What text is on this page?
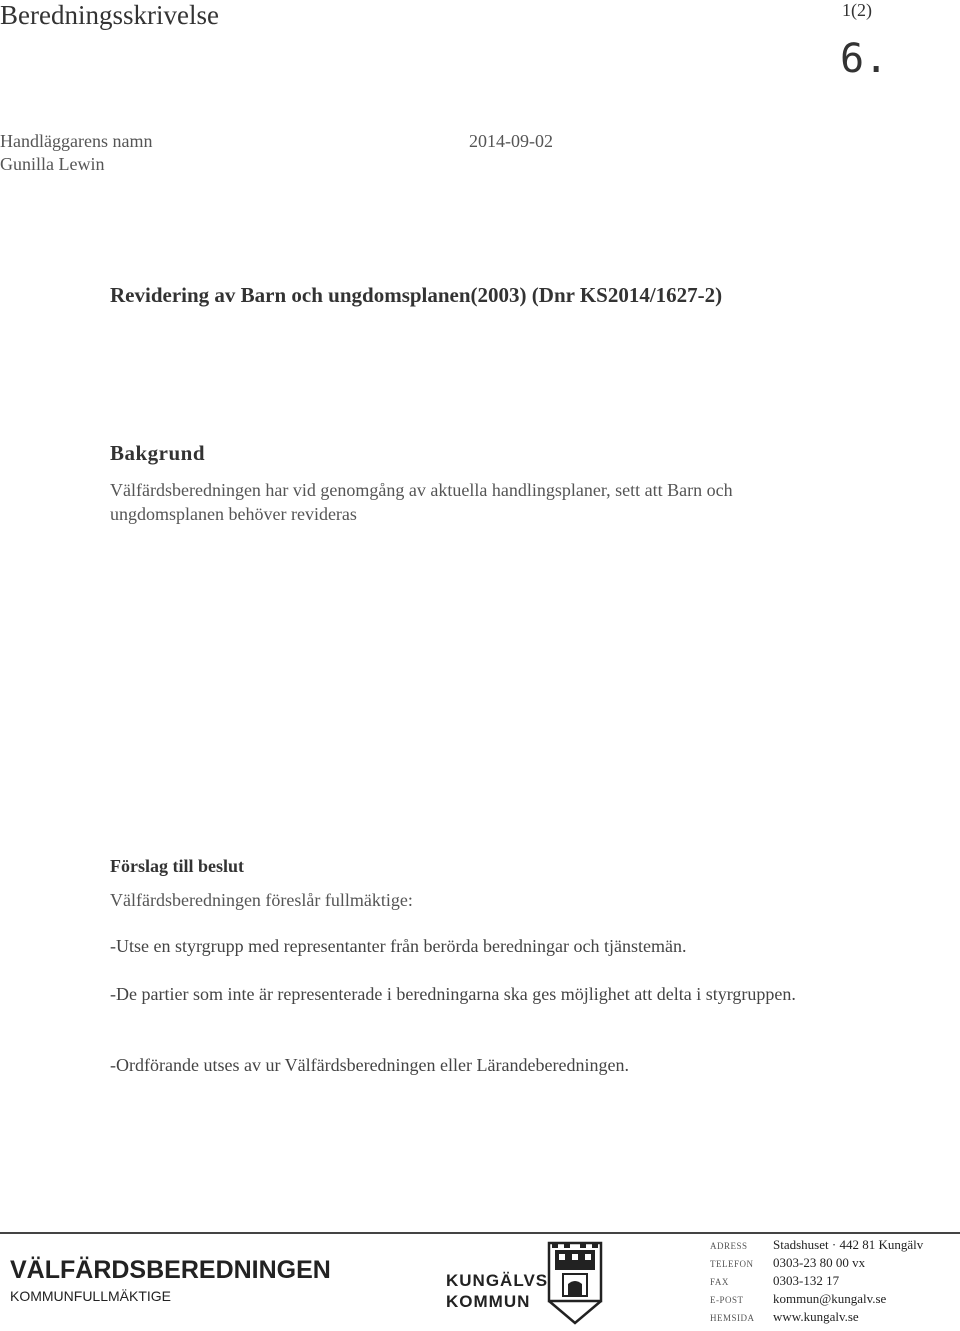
Beredningsskrivelse	1(2)
6.
Handläggarens namn	2014-09-02
Gunilla Lewin
Revidering av Barn och ungdomsplanen(2003) (Dnr KS2014/1627-2)
Bakgrund
Välfärdsberedningen har vid genomgång av aktuella handlingsplaner, sett att Barn och ungdomsplanen behöver revideras
Förslag till beslut
Välfärdsberedningen föreslår fullmäktige:
-Utse en styrgrupp med representanter från berörda beredningar och tjänstemän.
-De partier som inte är representerade i beredningarna ska ges möjlighet att delta i styrgruppen.
-Ordförande utses av ur Välfärdsberedningen eller Lärandeberedningen.
VÄLFÄRDSBEREDNINGEN
KOMMUNFULLMÄKTIGE
KUNGÄLVS
KOMMUN
ADRESS Stadshuset · 442 81 Kungälv
TELEFON 0303-23 80 00 vx
FAX	0303-132 17
E-POST kommun@kungalv.se
HEMSIDA www.kungalv.se
